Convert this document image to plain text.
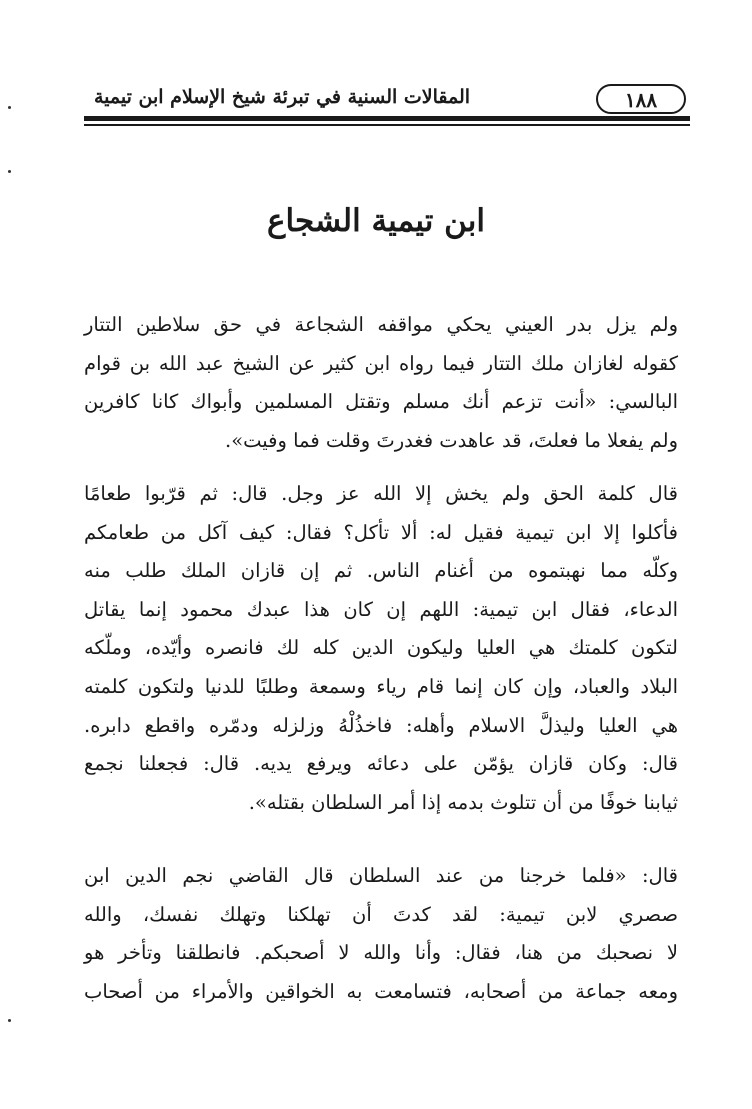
١٨٨
المقالات السنية في تبرئة شيخ الإسلام ابن تيمية
ابن تيمية الشجاع
ولم يزل بدر العيني يحكي مواقفه الشجاعة في حق سلاطين التتار
كقوله لغازان ملك التتار فيما رواه ابن كثير عن الشيخ عبد الله بن قوام
البالسي: «أنت تزعم أنك مسلم وتقتل المسلمين وأبواك كانا كافرين
ولم يفعلا ما فعلتَ، قد عاهدت فغدرتَ وقلت فما وفيت».
قال كلمة الحق ولم يخش إلا الله عز وجل. قال: ثم قرّبوا طعامًا
فأكلوا إلا ابن تيمية فقيل له: ألا تأكل؟ فقال: كيف آكل من طعامكم
وكلّه مما نهبتموه من أغنام الناس. ثم إن قازان الملك طلب منه
الدعاء، فقال ابن تيمية: اللهم إن كان هذا عبدك محمود إنما يقاتل
لتكون كلمتك هي العليا وليكون الدين كله لك فانصره وأيّده، وملّكه
البلاد والعباد، وإن كان إنما قام رياء وسمعة وطلبًا للدنيا ولتكون كلمته
هي العليا وليذلَّ الاسلام وأهله: فاخذُلْهُ وزلزله ودمّره واقطع دابره.
قال: وكان قازان يؤمّن على دعائه ويرفع يديه. قال: فجعلنا نجمع
ثيابنا خوفًا من أن تتلوث بدمه إذا أمر السلطان بقتله».
قال: «فلما خرجنا من عند السلطان قال القاضي نجم الدين ابن
صصري لابن تيمية: لقد كدتَ أن تهلكنا وتهلك نفسك، والله
لا نصحبك من هنا، فقال: وأنا والله لا أصحبكم. فانطلقنا وتأخر هو
ومعه جماعة من أصحابه، فتسامعت به الخواقين والأمراء من أصحاب
